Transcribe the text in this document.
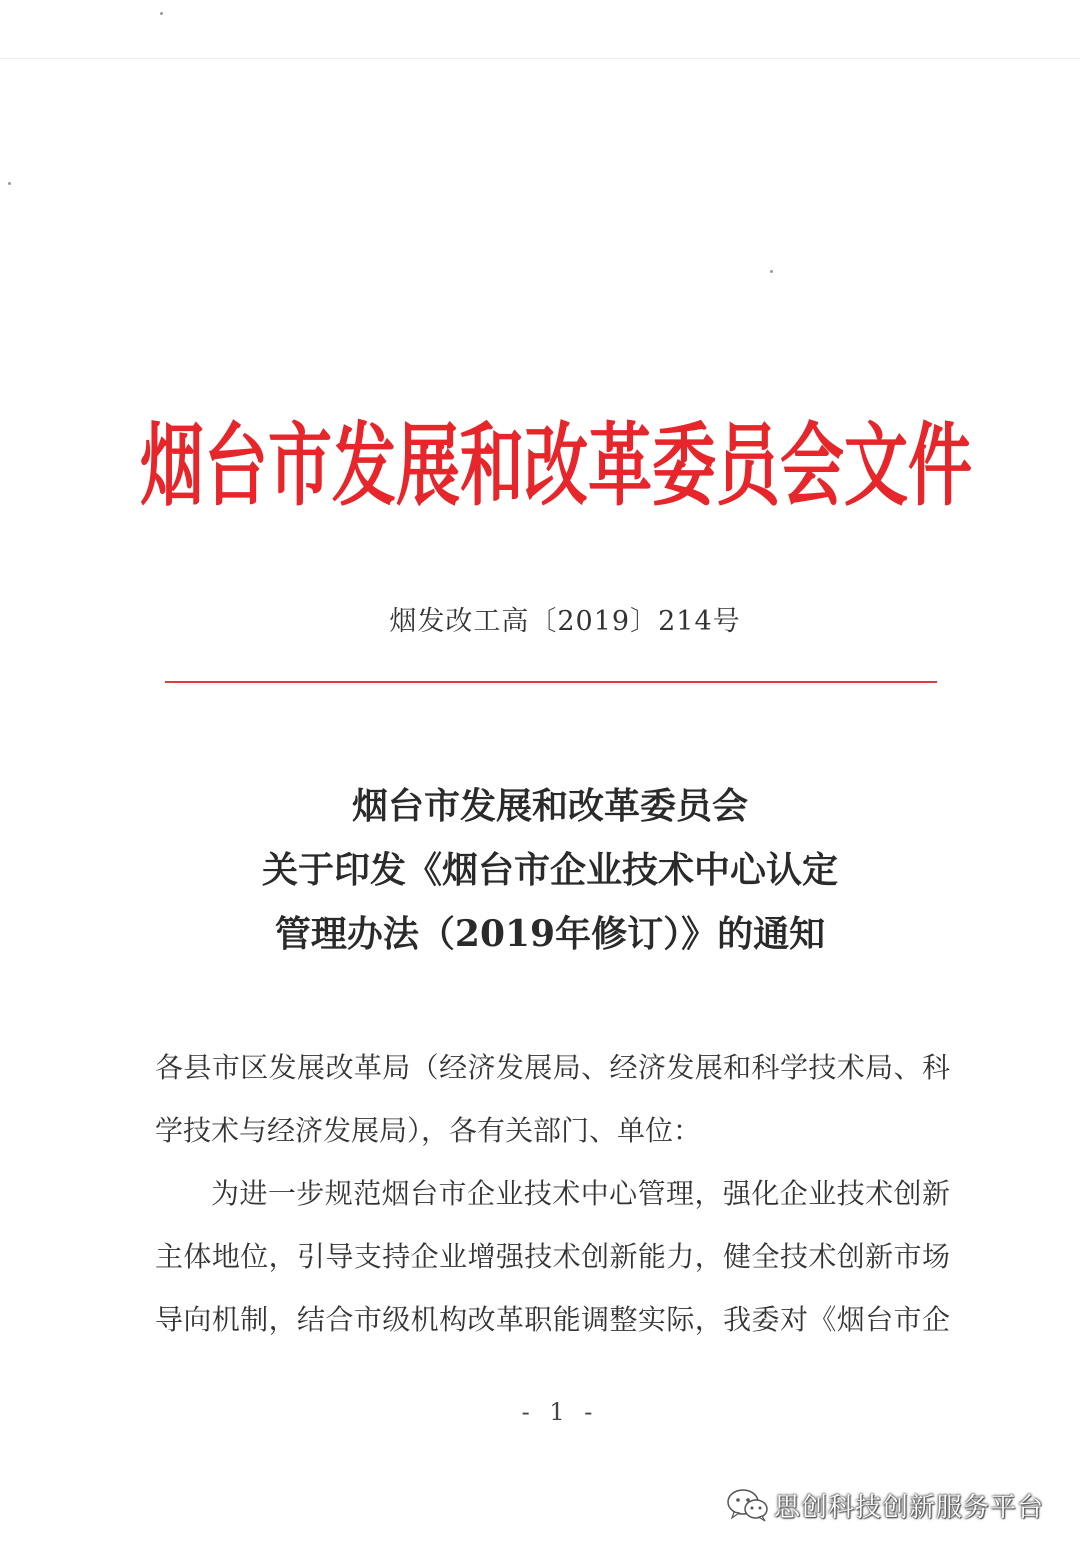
烟台市发展和改革委员会文件
烟发改工高〔2019〕214号
烟台市发展和改革委员会
关于印发《烟台市企业技术中心认定
管理办法（2019年修订）》的通知
各县市区发展改革局（经济发展局、经济发展和科学技术局、科
学技术与经济发展局），各有关部门、单位：
为进一步规范烟台市企业技术中心管理，强化企业技术创新
主体地位，引导支持企业增强技术创新能力，健全技术创新市场
导向机制，结合市级机构改革职能调整实际，我委对《烟台市企
- 1 -
思创科技创新服务平台
